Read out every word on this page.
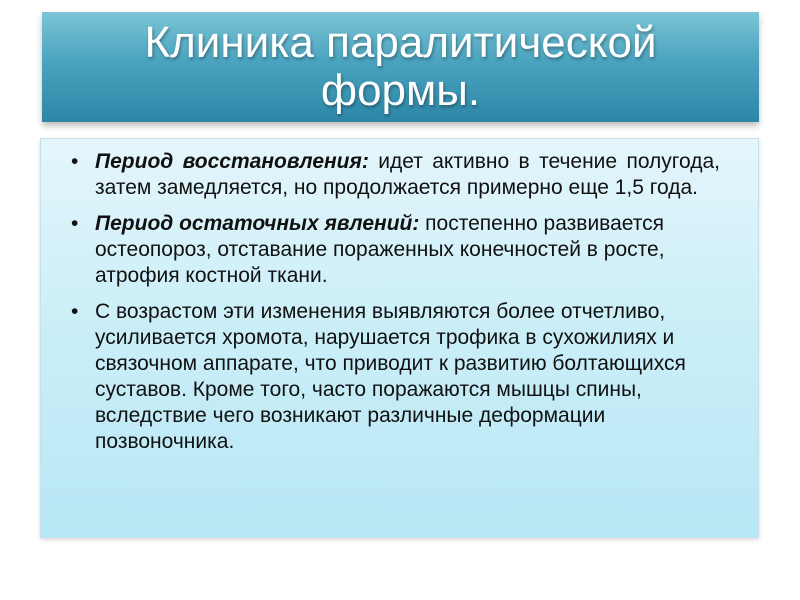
Клиника паралитической формы.
• Период восстановления: идет активно в течение полугода, затем замедляется, но продолжается примерно еще 1,5 года.
• Период остаточных явлений: постепенно развивается остеопороз, отставание пораженных конечностей в росте, атрофия костной ткани.
• С возрастом эти изменения выявляются более отчетливо, усиливается хромота, нарушается трофика в сухожилиях и связочном аппарате, что приводит к развитию болтающихся суставов. Кроме того, часто поражаются мышцы спины, вследствие чего возникают различные деформации позвоночника.
